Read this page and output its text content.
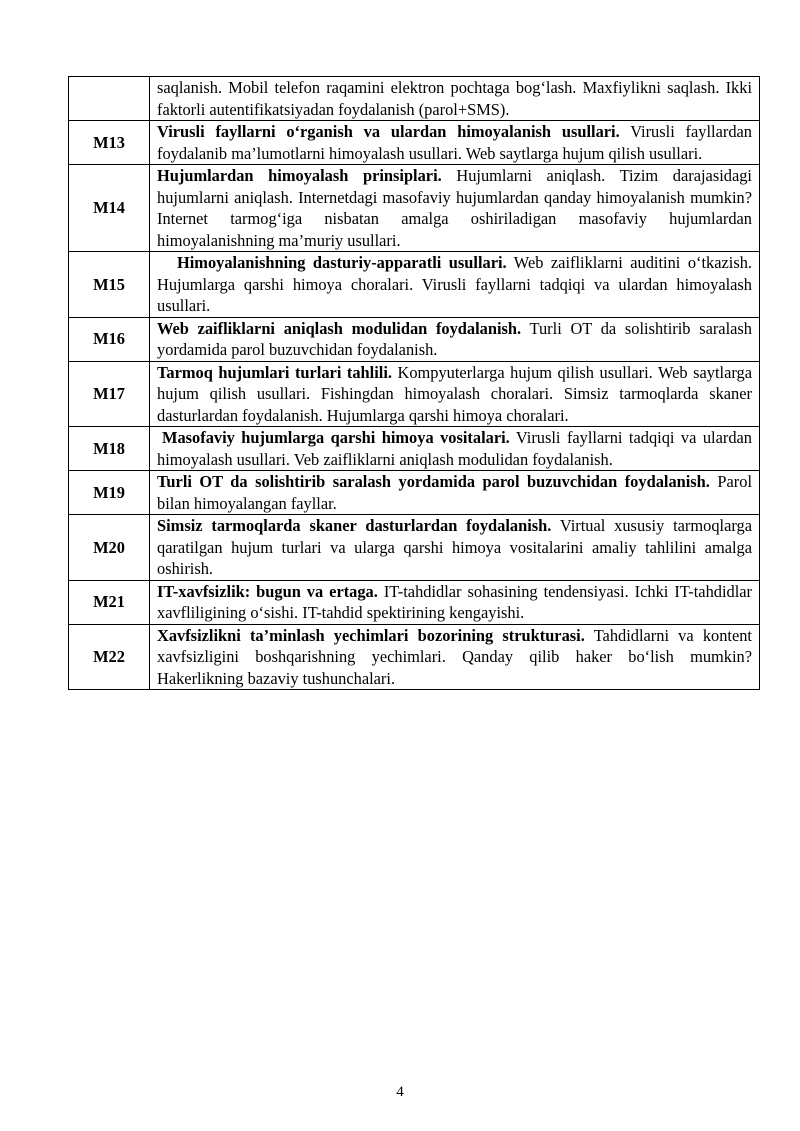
	saqlanish. Mobil telefon raqamini elektron pochtaga bog‘lash. Maxfiylikni saqlash. Ikki faktorli autentifikatsiyadan foydalanish (parol+SMS).
M13	Virusli fayllarni o‘rganish va ulardan himoyalanish usullari. Virusli fayllardan foydalanib ma’lumotlarni himoyalash usullari. Web saytlarga hujum qilish usullari.
M14	Hujumlardan himoyalash prinsiplari. Hujumlarni aniqlash. Tizim darajasidagi hujumlarni aniqlash. Internetdagi masofaviy hujumlardan qanday himoyalanish mumkin? Internet tarmog‘iga nisbatan amalga oshiriladigan masofaviy hujumlardan himoyalanishning ma’muriy usullari.
M15	Himoyalanishning dasturiy-apparatli usullari. Web zaifliklarni auditini o‘tkazish. Hujumlarga qarshi himoya choralari. Virusli fayllarni tadqiqi va ulardan himoyalash usullari.
M16	Web zaifliklarni aniqlash modulidan foydalanish. Turli OT da solishtirib saralash yordamida parol buzuvchidan foydalanish.
M17	Tarmoq hujumlari turlari tahlili. Kompyuterlarga hujum qilish usullari. Web saytlarga hujum qilish usullari. Fishingdan himoyalash choralari. Simsiz tarmoqlarda skaner dasturlardan foydalanish. Hujumlarga qarshi himoya choralari.
M18	Masofaviy hujumlarga qarshi himoya vositalari. Virusli fayllarni tadqiqi va ulardan himoyalash usullari. Veb zaifliklarni aniqlash modulidan foydalanish.
M19	Turli OT da solishtirib saralash yordamida parol buzuvchidan foydalanish. Parol bilan himoyalangan fayllar.
M20	Simsiz tarmoqlarda skaner dasturlardan foydalanish. Virtual xususiy tarmoqlarga qaratilgan hujum turlari va ularga qarshi himoya vositalarini amaliy tahlilini amalga oshirish.
M21	IT-xavfsizlik: bugun va ertaga. IT-tahdidlar sohasining tendensiyasi. Ichki IT-tahdidlar xavfliligining o‘sishi. IT-tahdid spektirining kengayishi.
M22	Xavfsizlikni ta’minlash yechimlari bozorining strukturasi. Tahdidlarni va kontent xavfsizligini boshqarishning yechimlari. Qanday qilib haker bo‘lish mumkin? Hakerlikning bazaviy tushunchalari.
4
